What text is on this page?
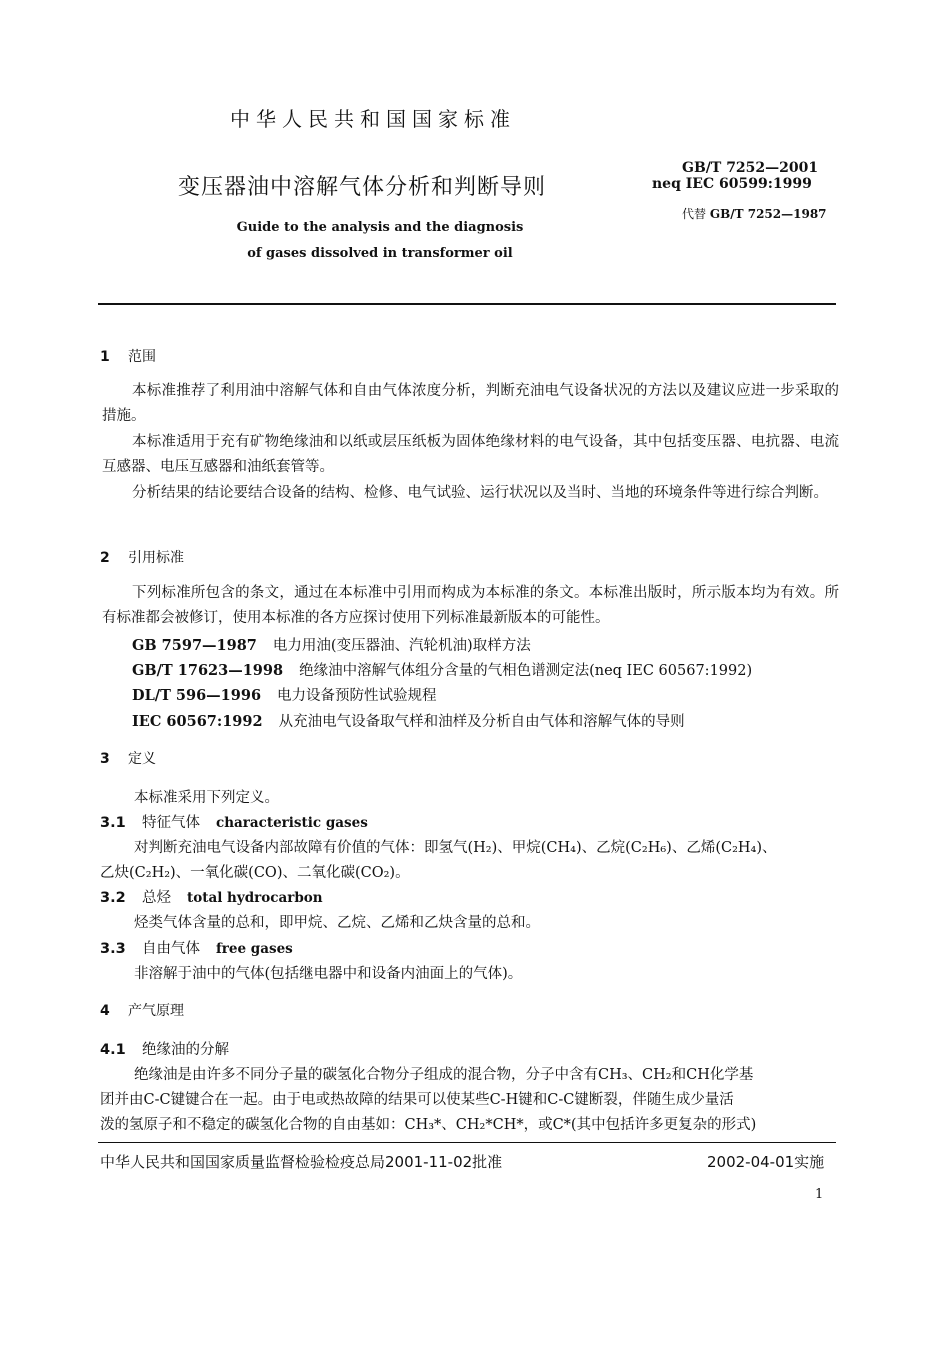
中华人民共和国国家标准
变压器油中溶解气体分析和判断导则
Guide to the analysis and the diagnosis
of gases dissolved in transformer oil
GB/T 7252—2001
neq IEC 60599:1999
代替 GB/T 7252—1987
1 范围
本标准推荐了利用油中溶解气体和自由气体浓度分析，判断充油电气设备状况的方法以及建议应进一步采取的措施。
本标准适用于充有矿物绝缘油和以纸或层压纸板为固体绝缘材料的电气设备，其中包括变压器、电抗器、电流互感器、电压互感器和油纸套管等。
分析结果的结论要结合设备的结构、检修、电气试验、运行状况以及当时、当地的环境条件等进行综合判断。
2 引用标准
下列标准所包含的条文，通过在本标准中引用而构成为本标准的条文。本标准出版时，所示版本均为有效。所有标准都会被修订，使用本标准的各方应探讨使用下列标准最新版本的可能性。
GB 7597—1987 电力用油(变压器油、汽轮机油)取样方法
GB/T 17623—1998 绝缘油中溶解气体组分含量的气相色谱测定法(neq IEC 60567:1992)
DL/T 596—1996 电力设备预防性试验规程
IEC 60567:1992 从充油电气设备取气样和油样及分析自由气体和溶解气体的导则
3 定义
本标准采用下列定义。
3.1 特征气体 characteristic gases
对判断充油电气设备内部故障有价值的气体：即氢气(H₂)、甲烷(CH₄)、乙烷(C₂H₆)、乙烯(C₂H₄)、
乙炔(C₂H₂)、一氧化碳(CO)、二氧化碳(CO₂)。
3.2 总烃 total hydrocarbon
烃类气体含量的总和，即甲烷、乙烷、乙烯和乙炔含量的总和。
3.3 自由气体 free gases
非溶解于油中的气体(包括继电器中和设备内油面上的气体)。
4 产气原理
4.1 绝缘油的分解
绝缘油是由许多不同分子量的碳氢化合物分子组成的混合物，分子中含有CH₃、CH₂和CH化学基
团并由C-C键键合在一起。由于电或热故障的结果可以使某些C-H键和C-C键断裂，伴随生成少量活
泼的氢原子和不稳定的碳氢化合物的自由基如：CH₃*、CH₂*CH*，或C*(其中包括许多更复杂的形式)
中华人民共和国国家质量监督检验检疫总局2001-11-02批准	2002-04-01实施
1
